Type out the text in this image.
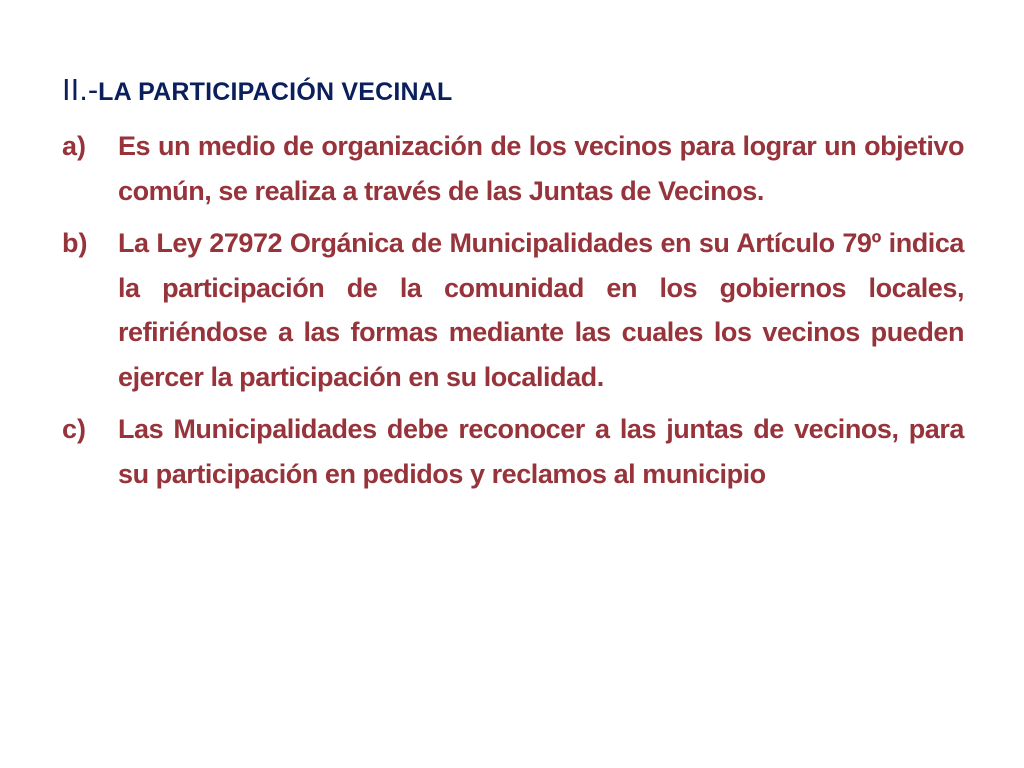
II.-LA PARTICIPACIÓN VECINAL
a)	Es un medio de organización de los vecinos para lograr un objetivo común, se realiza a través de las Juntas de Vecinos.
b)	La Ley 27972 Orgánica de Municipalidades en su Artículo 79º indica la participación de la comunidad en los gobiernos locales, refiriéndose a las formas mediante las cuales los vecinos pueden ejercer la participación en su localidad.
c)	Las Municipalidades debe reconocer a las juntas de vecinos, para su participación en pedidos y reclamos al municipio
